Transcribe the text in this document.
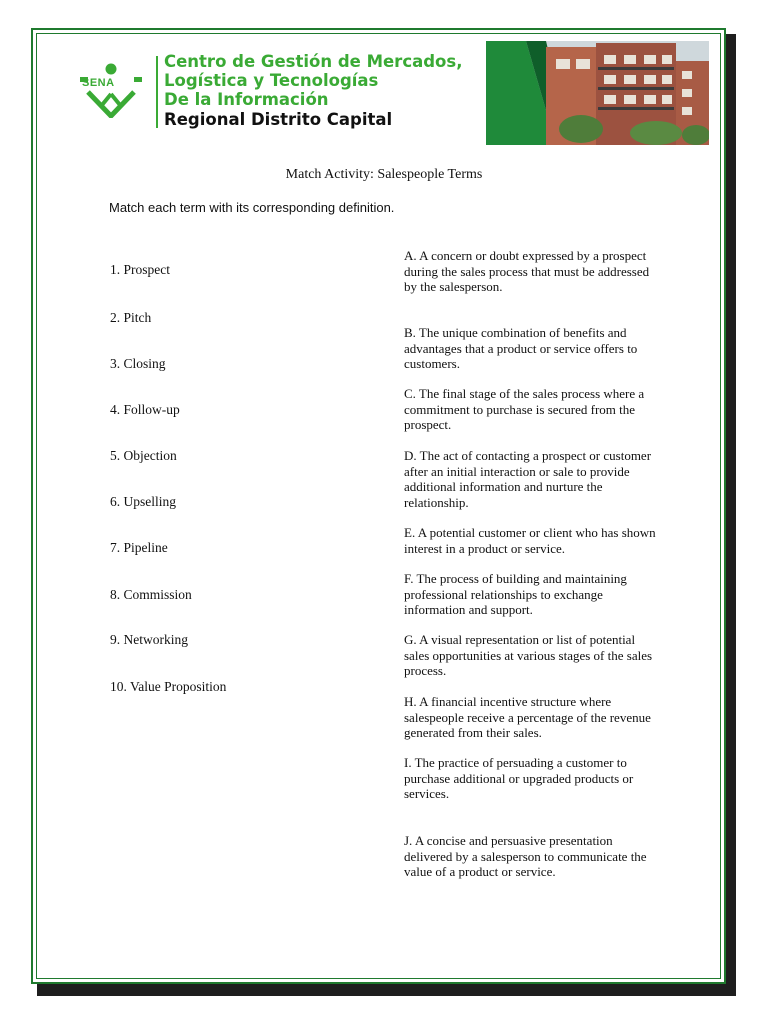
SENA
Centro de Gestión de Mercados,
Logística y Tecnologías
De la Información
Regional Distrito Capital
Match Activity: Salespeople Terms
Match each term with its corresponding definition.
1. Prospect
2. Pitch
3. Closing
4. Follow-up
5. Objection
6. Upselling
7. Pipeline
8. Commission
9. Networking
10. Value Proposition
A. A concern or doubt expressed by a prospect during the sales process that must be addressed by the salesperson.
B. The unique combination of benefits and advantages that a product or service offers to customers.
C. The final stage of the sales process where a commitment to purchase is secured from the prospect.
D. The act of contacting a prospect or customer after an initial interaction or sale to provide additional information and nurture the relationship.
E. A potential customer or client who has shown interest in a product or service.
F. The process of building and maintaining professional relationships to exchange information and support.
G. A visual representation or list of potential sales opportunities at various stages of the sales process.
H. A financial incentive structure where salespeople receive a percentage of the revenue generated from their sales.
I. The practice of persuading a customer to purchase additional or upgraded products or services.
J. A concise and persuasive presentation delivered by a salesperson to communicate the value of a product or service.
